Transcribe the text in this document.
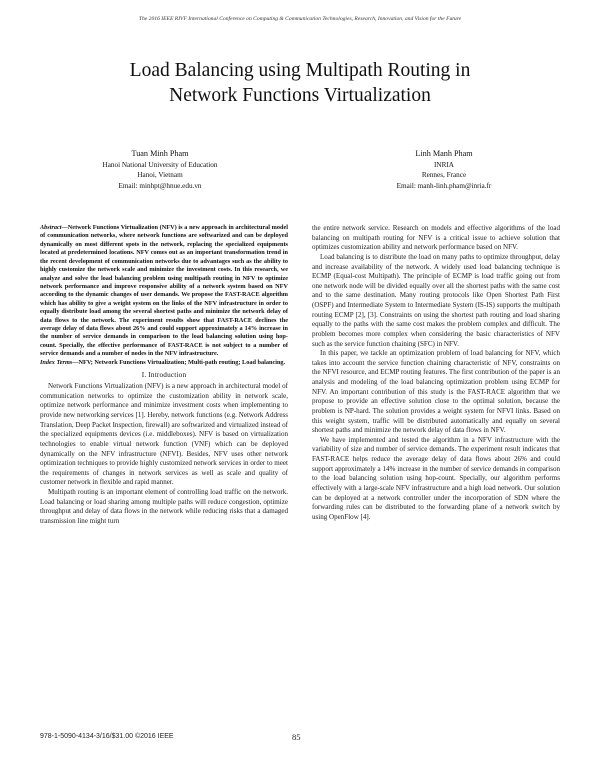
The 2016 IEEE RIVF International Conference on Computing & Communication Technologies, Research, Innovation, and Vision for the Future
Load Balancing using Multipath Routing in
Network Functions Virtualization
Tuan Minh Pham
Hanoi National University of Education
Hanoi, Vietnam
Email: minhpt@hnue.edu.vn
Linh Manh Pham
INRIA
Rennes, France
Email: manh-linh.pham@inria.fr

Abstract—Network Functions Virtualization (NFV) is a new approach in architectural model of communication networks, where network functions are softwarized and can be deployed dynamically on most different spots in the network, replacing the specialized equipments located at predetermined locations. NFV comes out as an important transformation trend in the recent development of communication networks due to advantages such as the ability to highly customize the network scale and minimize the investment costs. In this research, we analyze and solve the load balancing problem using multipath routing in NFV to optimize network performance and improve responsive ability of a network system based on NFV according to the dynamic changes of user demands. We propose the FAST-RACE algorithm which has ability to give a weight system on the links of the NFV infrastructure in order to equally distribute load among the several shortest paths and minimize the network delay of data flows to the network. The experiment results show that FAST-RACE declines the average delay of data flows about 26% and could support approximately a 14% increase in the number of service demands in comparison to the load balancing solution using hop-count. Specially, the effective performance of FAST-RACE is not subject to a number of service demands and a number of nodes in the NFV infrastructure.

Index Terms—NFV; Network Functions Virtualization; Multi-path routing; Load balancing.

I. Introduction

Network Functions Virtualization (NFV) is a new approach in architectural model of communication networks to optimize the customization ability in network scale, optimize network performance and minimize investment costs when implementing to provide new networking services [1]. Hereby, network functions (e.g. Network Address Translation, Deep Packet Inspection, firewall) are softwarized and virtualized instead of the specialized equipments devices (i.e. middleboxes). NFV is based on virtualization technologies to enable virtual network function (VNF) which can be deployed dynamically on the NFV infrastructure (NFVI). Besides, NFV uses other network optimization techniques to provide highly customized network services in order to meet the requirements of changes in network services as well as scale and quality of customer network in flexible and rapid manner.

Multipath routing is an important element of controlling load traffic on the network. Load balancing or load sharing among multiple paths will reduce congestion, optimize throughput and delay of data flows in the network while reducing risks that a damaged transmission line might turn

the entire network service. Research on models and effective algorithms of the load balancing on multipath routing for NFV is a critical issue to achieve solution that optimizes customization ability and network performance based on NFV.

Load balancing is to distribute the load on many paths to optimize throughput, delay and increase availability of the network. A widely used load balancing technique is ECMP (Equal-cost Multipath). The principle of ECMP is load traffic going out from one network node will be divided equally over all the shortest paths with the same cost and to the same destination. Many routing protocols like Open Shortest Path First (OSPF) and Intermediate System to Intermediate System (IS-IS) supports the multipath routing ECMP [2], [3]. Constraints on using the shortest path routing and load sharing equally to the paths with the same cost makes the problem complex and difficult. The problem becomes more complex when considering the basic characteristics of NFV such as the service function chaining (SFC) in NFV.

In this paper, we tackle an optimization problem of load balancing for NFV, which takes into account the service function chaining characteristic of NFV, constraints on the NFVI resource, and ECMP routing features. The first contribution of the paper is an analysis and modeling of the load balancing optimization problem using ECMP for NFV. An important contribution of this study is the FAST-RACE algorithm that we propose to provide an effective solution close to the optimal solution, because the problem is NP-hard. The solution provides a weight system for NFVI links. Based on this weight system, traffic will be distributed automatically and equally on several shortest paths and minimize the network delay of data flows in NFV.

We have implemented and tested the algorithm in a NFV infrastructure with the variability of size and number of service demands. The experiment result indicates that FAST-RACE helps reduce the average delay of data flows about 26% and could support approximately a 14% increase in the number of service demands in comparison to the load balancing solution using hop-count. Specially, our algorithm performs effectively with a large-scale NFV infrastructure and a high load network. Our solution can be deployed at a network controller under the incorporation of SDN where the forwarding rules can be distributed to the forwarding plane of a network switch by using OpenFlow [4].

978-1-5090-4134-3/16/$31.00 ©2016 IEEE	85
